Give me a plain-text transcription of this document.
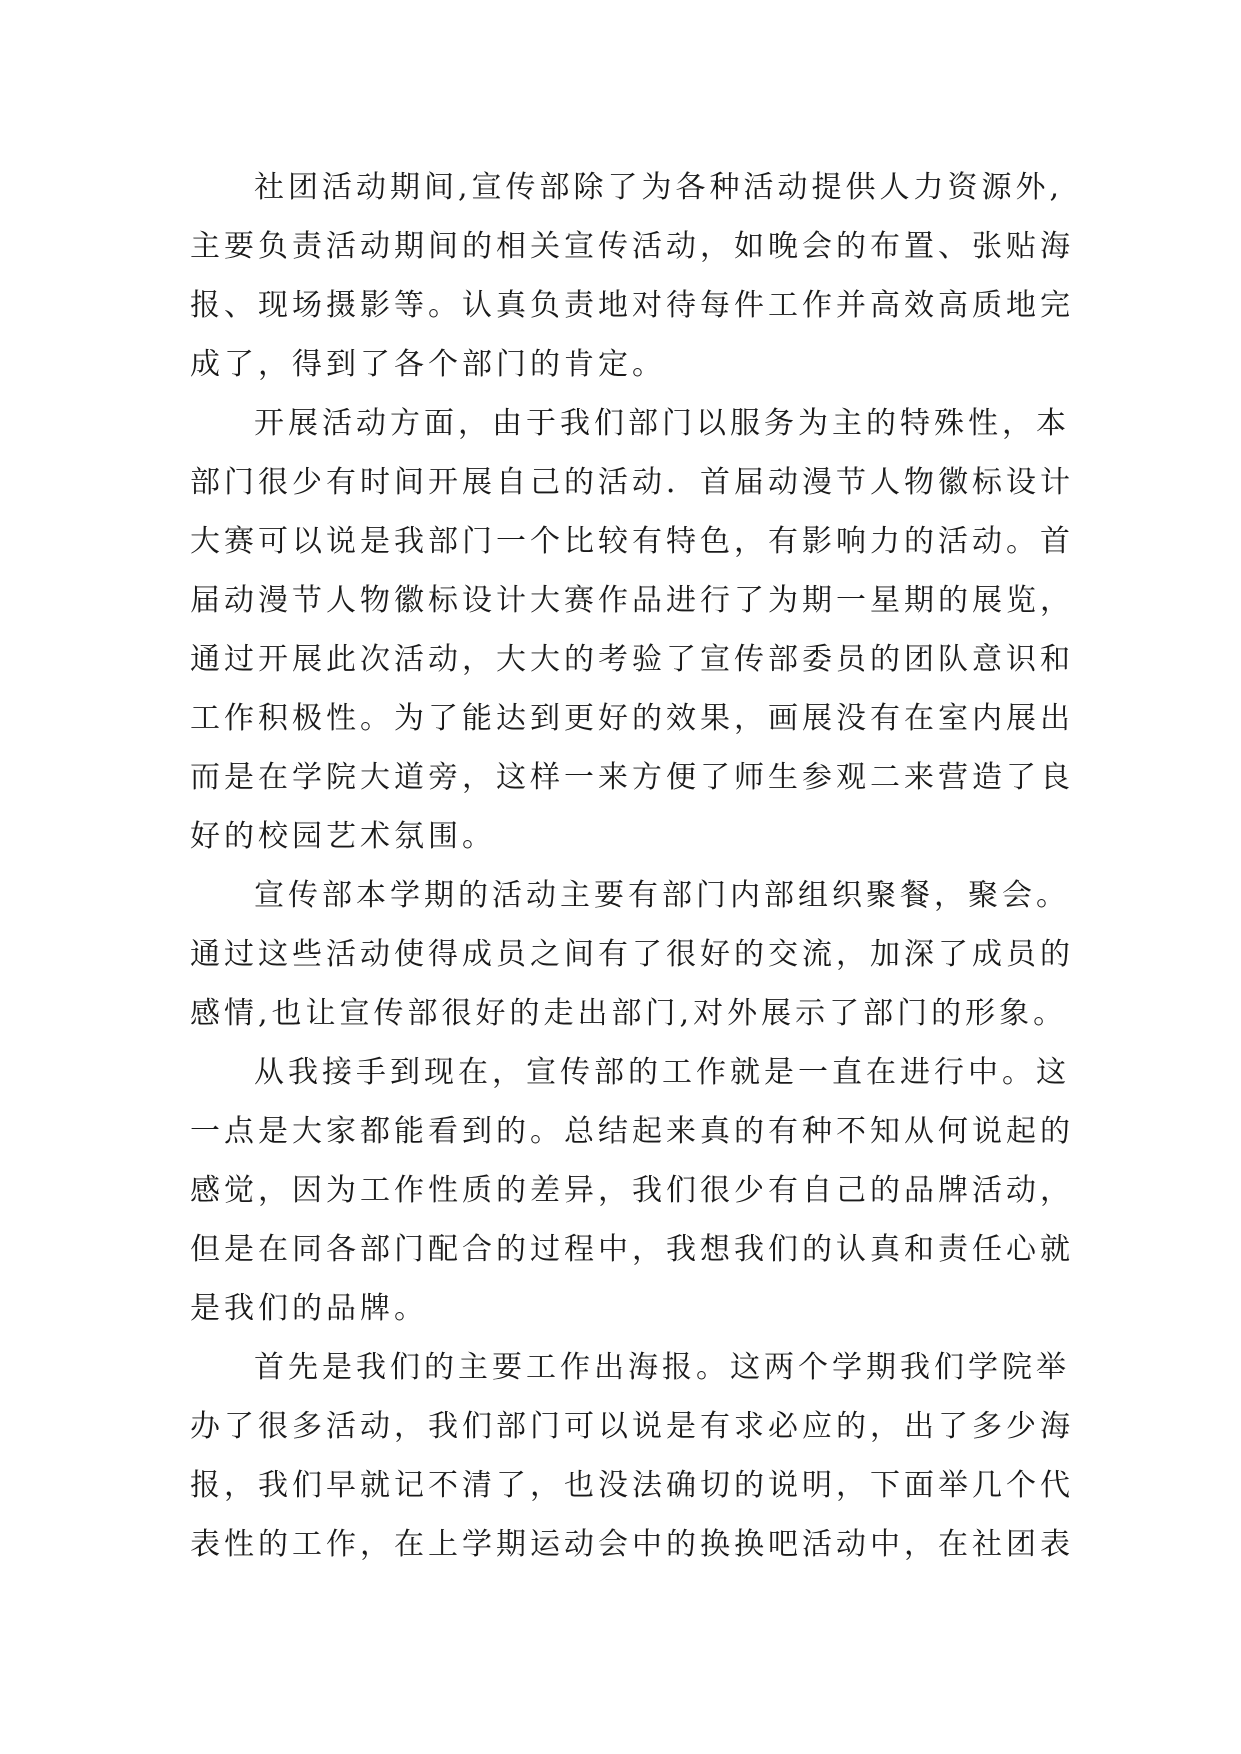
社团活动期间,宣传部除了为各种活动提供人力资源外,
主要负责活动期间的相关宣传活动，如晚会的布置、张贴海
报、现场摄影等。认真负责地对待每件工作并高效高质地完
成了，得到了各个部门的肯定。
开展活动方面，由于我们部门以服务为主的特殊性，本
部门很少有时间开展自己的活动．首届动漫节人物徽标设计
大赛可以说是我部门一个比较有特色，有影响力的活动。首
届动漫节人物徽标设计大赛作品进行了为期一星期的展览，
通过开展此次活动，大大的考验了宣传部委员的团队意识和
工作积极性。为了能达到更好的效果，画展没有在室内展出
而是在学院大道旁，这样一来方便了师生参观二来营造了良
好的校园艺术氛围。
宣传部本学期的活动主要有部门内部组织聚餐，聚会。
通过这些活动使得成员之间有了很好的交流，加深了成员的
感情,也让宣传部很好的走出部门,对外展示了部门的形象。
从我接手到现在，宣传部的工作就是一直在进行中。这
一点是大家都能看到的。总结起来真的有种不知从何说起的
感觉，因为工作性质的差异，我们很少有自己的品牌活动，
但是在同各部门配合的过程中，我想我们的认真和责任心就
是我们的品牌。
首先是我们的主要工作出海报。这两个学期我们学院举
办了很多活动，我们部门可以说是有求必应的，出了多少海
报，我们早就记不清了，也没法确切的说明，下面举几个代
表性的工作，在上学期运动会中的换换吧活动中，在社团表
